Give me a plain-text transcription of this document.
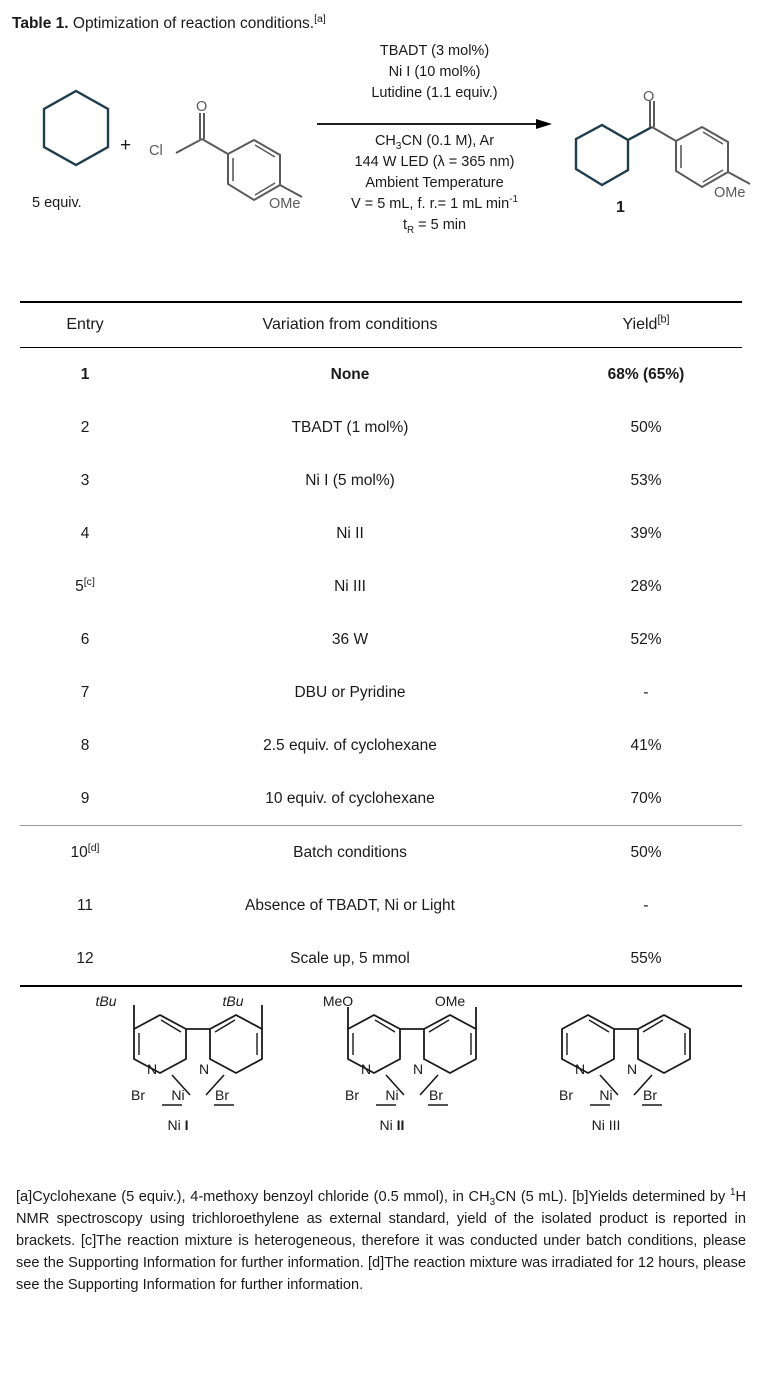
Table 1. Optimization of reaction conditions.[a]
5 equiv.
+
O
Cl
OMe
TBADT (3 mol%)
Ni I (10 mol%)
Lutidine (1.1 equiv.)
$CH_3CN$ (0.1 M), Ar
144 W LED (λ = 365 nm)
Ambient Temperature
V = 5 mL, f. r.= 1 mL $\min^{-1}$
$t_R = 5$ min
O
OMe
1
Entry	Variation from conditions	Yield[b]
1	None	68% (65%)
2	TBADT (1 mol%)	50%
3	Ni I (5 mol%)	53%
4	Ni II	39%
5[c]	Ni III	28%
6	36 W	52%
7	DBU or Pyridine	-
8	2.5 equiv. of cyclohexane	41%
9	10 equiv. of cyclohexane	70%
10[d]	Batch conditions	50%
11	Absence of TBADT, Ni or Light	-
12	Scale up, 5 mmol	55%

tBu	tBu
N	N
Ni
Br	Br
Ni I
MeO	OMe
N	N
Ni
Br	Br
Ni II
N	N
Ni
Br	Br
Ni III
[a]Cyclohexane (5 equiv.), 4-methoxy benzoyl chloride (0.5 mmol), in $CH_3CN$ (5 mL). [b]Yields determined by $^1$H NMR spectroscopy using trichloroethylene as external standard, yield of the isolated product is reported in brackets. [c]The reaction mixture is heterogeneous, therefore it was conducted under batch conditions, please see the Supporting Information for further information. [d]The reaction mixture was irradiated for 12 hours, please see the Supporting Information for further information.
